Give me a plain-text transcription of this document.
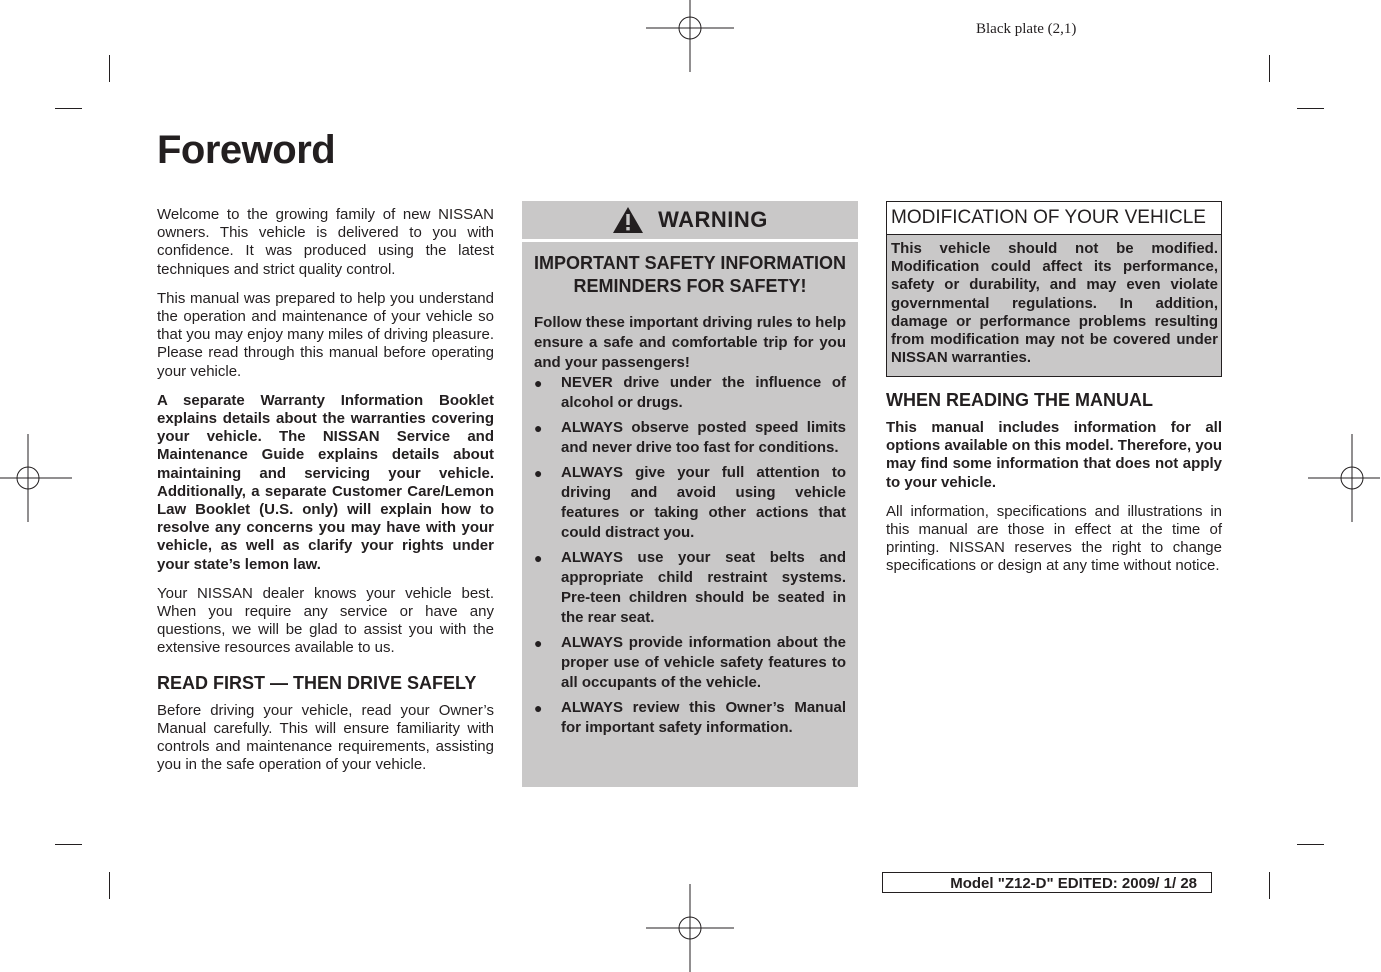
Black plate (2,1)
Foreword

Welcome to the growing family of new NISSAN owners. This vehicle is delivered to you with confidence. It was produced using the latest techniques and strict quality control.

This manual was prepared to help you understand the operation and maintenance of your vehicle so that you may enjoy many miles of driving pleasure. Please read through this manual before operating your vehicle.

A separate Warranty Information Booklet explains details about the warranties covering your vehicle. The NISSAN Service and Maintenance Guide explains details about maintaining and servicing your vehicle. Additionally, a separate Customer Care/Lemon Law Booklet (U.S. only) will explain how to resolve any concerns you may have with your vehicle, as well as clarify your rights under your state’s lemon law.

Your NISSAN dealer knows your vehicle best. When you require any service or have any questions, we will be glad to assist you with the extensive resources available to us.

READ FIRST — THEN DRIVE SAFELY

Before driving your vehicle, read your Owner’s Manual carefully. This will ensure familiarity with controls and maintenance requirements, assisting you in the safe operation of your vehicle.

WARNING
IMPORTANT SAFETY INFORMATION REMINDERS FOR SAFETY!

Follow these important driving rules to help ensure a safe and comfortable trip for you and your passengers!

● NEVER drive under the influence of alcohol or drugs.
● ALWAYS observe posted speed limits and never drive too fast for conditions.
● ALWAYS give your full attention to driving and avoid using vehicle features or taking other actions that could distract you.
● ALWAYS use your seat belts and appropriate child restraint systems. Pre-teen children should be seated in the rear seat.
● ALWAYS provide information about the proper use of vehicle safety features to all occupants of the vehicle.
● ALWAYS review this Owner’s Manual for important safety information.
MODIFICATION OF YOUR VEHICLE
This vehicle should not be modified. Modification could affect its performance, safety or durability, and may even violate governmental regulations. In addition, damage or performance problems resulting from modification may not be covered under NISSAN warranties.
WHEN READING THE MANUAL

This manual includes information for all options available on this model. Therefore, you may find some information that does not apply to your vehicle.

All information, specifications and illustrations in this manual are those in effect at the time of printing. NISSAN reserves the right to change specifications or design at any time without notice.

Model "Z12-D" EDITED: 2009/ 1/ 28
